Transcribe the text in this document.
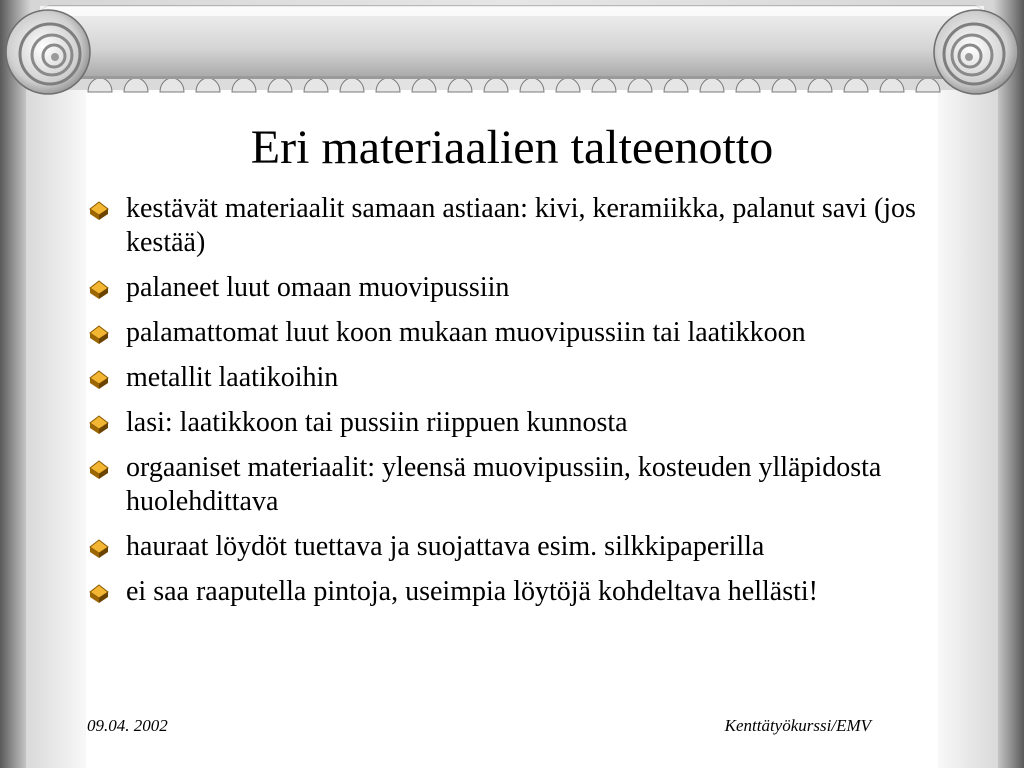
Eri materiaalien talteenotto
kestävät materiaalit samaan astiaan: kivi, keramiikka, palanut savi (jos kestää)
palaneet luut omaan muovipussiin
palamattomat luut koon mukaan muovipussiin tai laatikkoon
metallit laatikoihin
lasi: laatikkoon tai pussiin riippuen kunnosta
orgaaniset materiaalit: yleensä muovipussiin, kosteuden ylläpidosta huolehdittava
hauraat löydöt tuettava ja suojattava esim. silkkipaperilla
ei saa raaputella pintoja, useimpia löytöjä kohdeltava hellästi!
09.04. 2002	Kenttätyökurssi/EMV
